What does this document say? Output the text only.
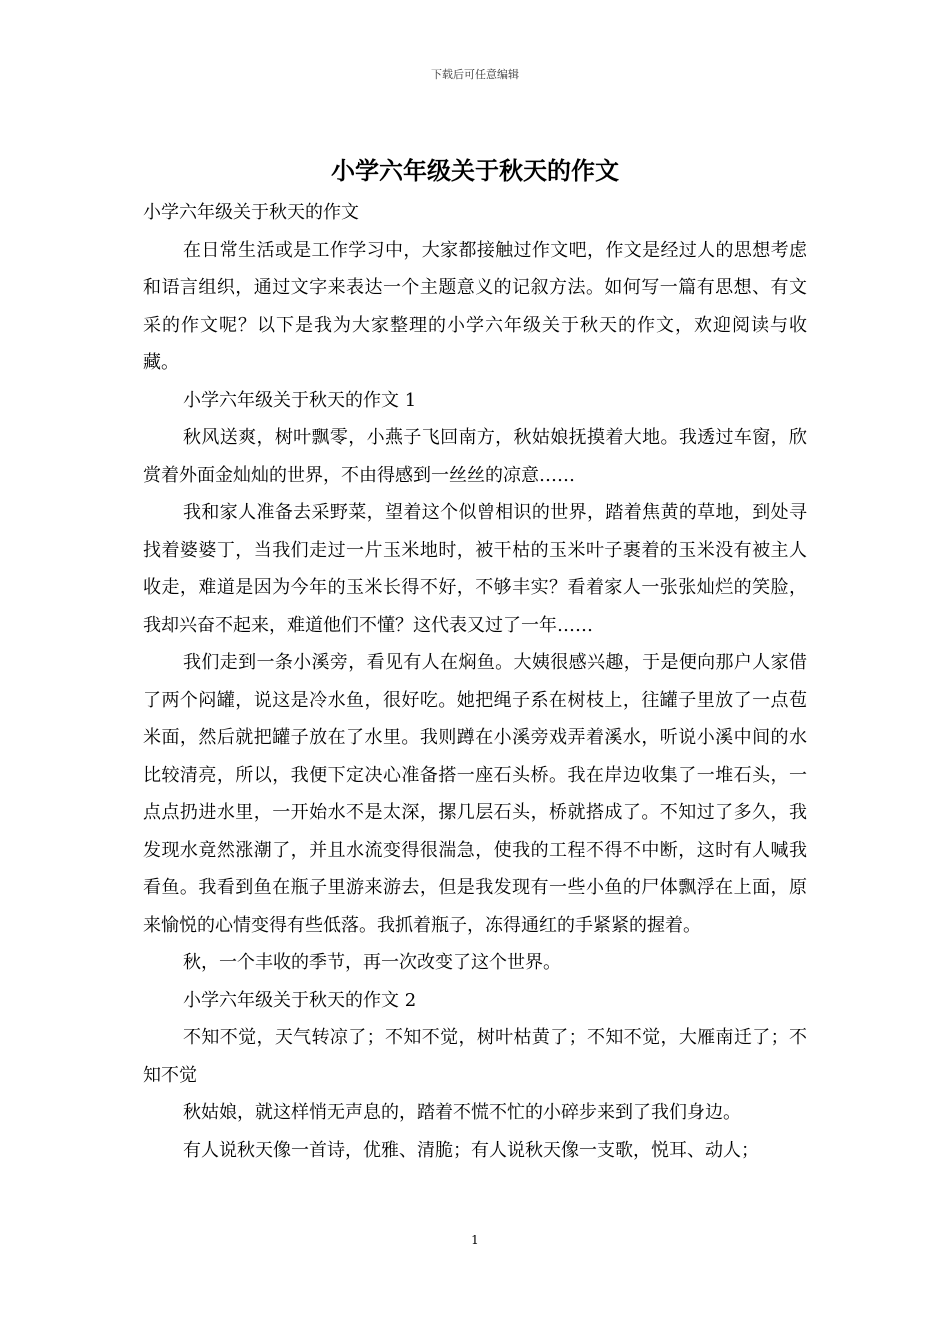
下载后可任意编辑
小学六年级关于秋天的作文

小学六年级关于秋天的作文

在日常生活或是工作学习中，大家都接触过作文吧，作文是经过人的思想考虑和语言组织，通过文字来表达一个主题意义的记叙方法。如何写一篇有思想、有文采的作文呢？以下是我为大家整理的小学六年级关于秋天的作文，欢迎阅读与收藏。

小学六年级关于秋天的作文 1

秋风送爽，树叶飘零，小燕子飞回南方，秋姑娘抚摸着大地。我透过车窗，欣赏着外面金灿灿的世界，不由得感到一丝丝的凉意……

我和家人准备去采野菜，望着这个似曾相识的世界，踏着焦黄的草地，到处寻找着婆婆丁，当我们走过一片玉米地时，被干枯的玉米叶子裹着的玉米没有被主人收走，难道是因为今年的玉米长得不好，不够丰实？看着家人一张张灿烂的笑脸，我却兴奋不起来，难道他们不懂？这代表又过了一年……

我们走到一条小溪旁，看见有人在焖鱼。大姨很感兴趣，于是便向那户人家借了两个闷罐，说这是冷水鱼，很好吃。她把绳子系在树枝上，往罐子里放了一点苞米面，然后就把罐子放在了水里。我则蹲在小溪旁戏弄着溪水，听说小溪中间的水比较清亮，所以，我便下定决心准备搭一座石头桥。我在岸边收集了一堆石头，一点点扔进水里，一开始水不是太深，摞几层石头，桥就搭成了。不知过了多久，我发现水竟然涨潮了，并且水流变得很湍急，使我的工程不得不中断，这时有人喊我看鱼。我看到鱼在瓶子里游来游去，但是我发现有一些小鱼的尸体飘浮在上面，原来愉悦的心情变得有些低落。我抓着瓶子，冻得通红的手紧紧的握着。

秋，一个丰收的季节，再一次改变了这个世界。

小学六年级关于秋天的作文 2

不知不觉，天气转凉了；不知不觉，树叶枯黄了；不知不觉，大雁南迁了；不知不觉

秋姑娘，就这样悄无声息的，踏着不慌不忙的小碎步来到了我们身边。

有人说秋天像一首诗，优雅、清脆；有人说秋天像一支歌，悦耳、动人；

1
